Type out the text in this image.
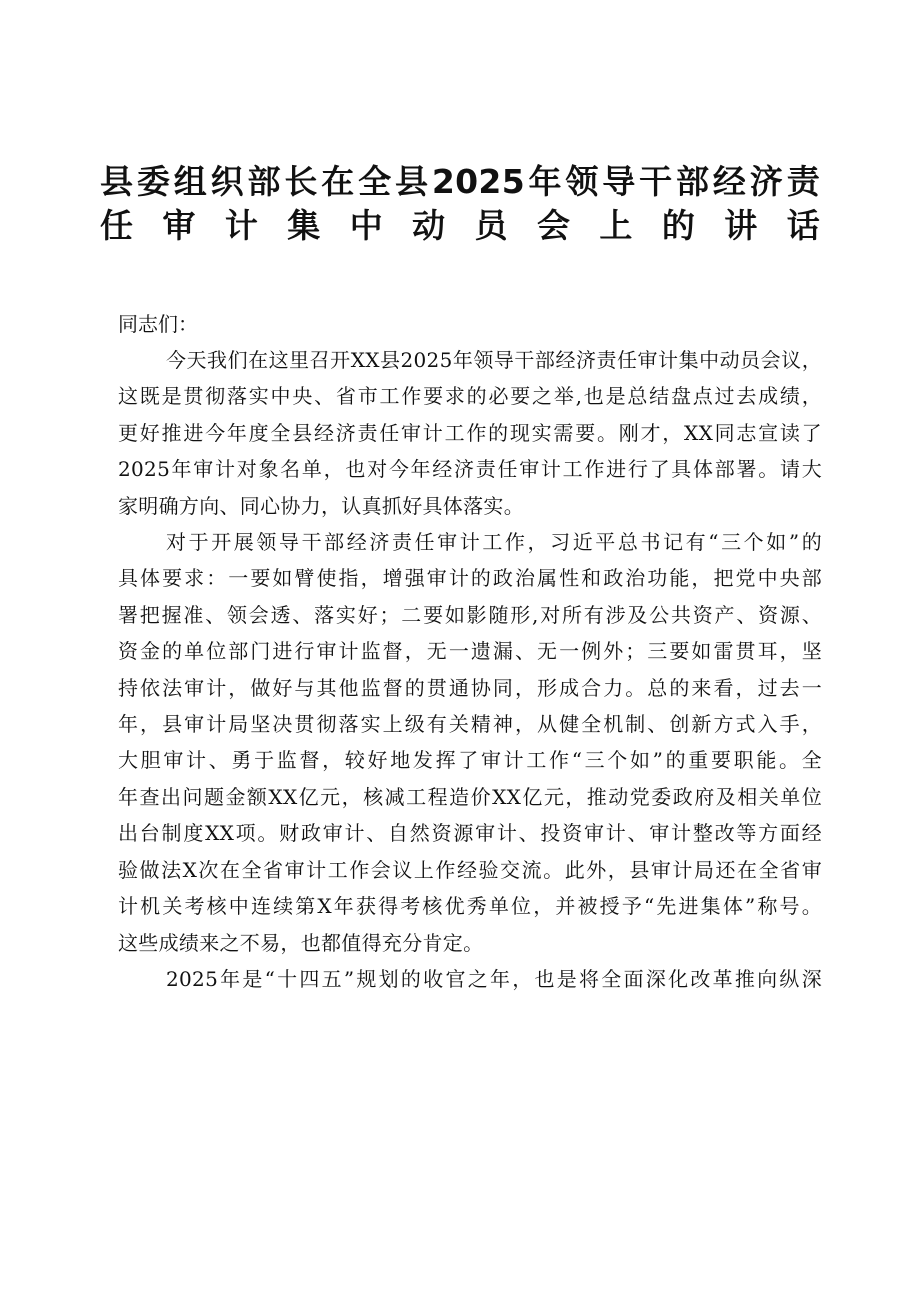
县委组织部长在全县2025年领导干部经济责
任审计集中动员会上的讲话
同志们：
今天我们在这里召开XX县2025年领导干部经济责任审计集中动员会议，
这既是贯彻落实中央、省市工作要求的必要之举,也是总结盘点过去成绩，
更好推进今年度全县经济责任审计工作的现实需要。刚才，XX同志宣读了
2025年审计对象名单，也对今年经济责任审计工作进行了具体部署。请大
家明确方向、同心协力，认真抓好具体落实。
对于开展领导干部经济责任审计工作，习近平总书记有“三个如”的
具体要求：一要如臂使指，增强审计的政治属性和政治功能，把党中央部
署把握准、领会透、落实好；二要如影随形,对所有涉及公共资产、资源、
资金的单位部门进行审计监督，无一遗漏、无一例外；三要如雷贯耳，坚
持依法审计，做好与其他监督的贯通协同，形成合力。总的来看，过去一
年，县审计局坚决贯彻落实上级有关精神，从健全机制、创新方式入手，
大胆审计、勇于监督，较好地发挥了审计工作“三个如”的重要职能。全
年查出问题金额XX亿元，核减工程造价XX亿元，推动党委政府及相关单位
出台制度XX项。财政审计、自然资源审计、投资审计、审计整改等方面经
验做法X次在全省审计工作会议上作经验交流。此外，县审计局还在全省审
计机关考核中连续第X年获得考核优秀单位，并被授予“先进集体”称号。
这些成绩来之不易，也都值得充分肯定。
2025年是“十四五”规划的收官之年，也是将全面深化改革推向纵深
